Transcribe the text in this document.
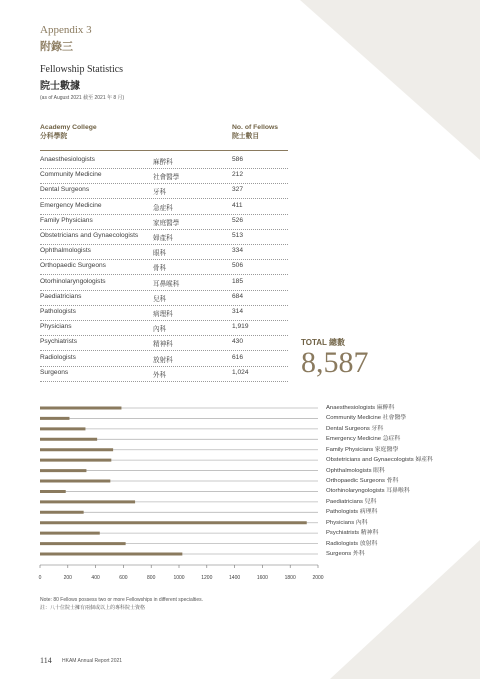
Appendix 3
附錄三
Fellowship Statistics
院士數據
(as of August 2021 截至 2021 年 8 月)
Academy College
分科學院
No. of Fellows
院士數目
Anaesthesiologists	麻醉科	586
Community Medicine	社會醫學	212
Dental Surgeons	牙科	327
Emergency Medicine	急症科	411
Family Physicians	家庭醫學	526
Obstetricians and Gynaecologists 婦產科	513
Ophthalmologists	眼科	334
Orthopaedic Surgeons	骨科	506
Otorhinolaryngologists	耳鼻喉科	185
Paediatricians	兒科	684
Pathologists	病理科	314
Physicians	內科	1,919
Psychiatrists	精神科	430
Radiologists	放射科	616
Surgeons	外科	1,024
TOTAL 總數
8,587
0	200	400	600	800	1000	1200	1400	1600	1800	2000
Anaesthesiologists 麻醉科
Community Medicine 社會醫學
Dental Surgeons 牙科
Emergency Medicine 急症科
Family Physicians 家庭醫學
Obstetricians and Gynaecologists 婦產科
Ophthalmologists 眼科
Orthopaedic Surgeons 骨科
Otorhinolaryngologists 耳鼻喉科
Paediatricians 兒科
Pathologists 病理科
Physicians 內科
Psychiatrists 精神科
Radiologists 放射科
Surgeons 外科
Note: 80 Fellows possess two or more Fellowships in different specialties.
註：八十位院士擁有兩個或以上的專科院士資格
114 HKAM Annual Report 2021
